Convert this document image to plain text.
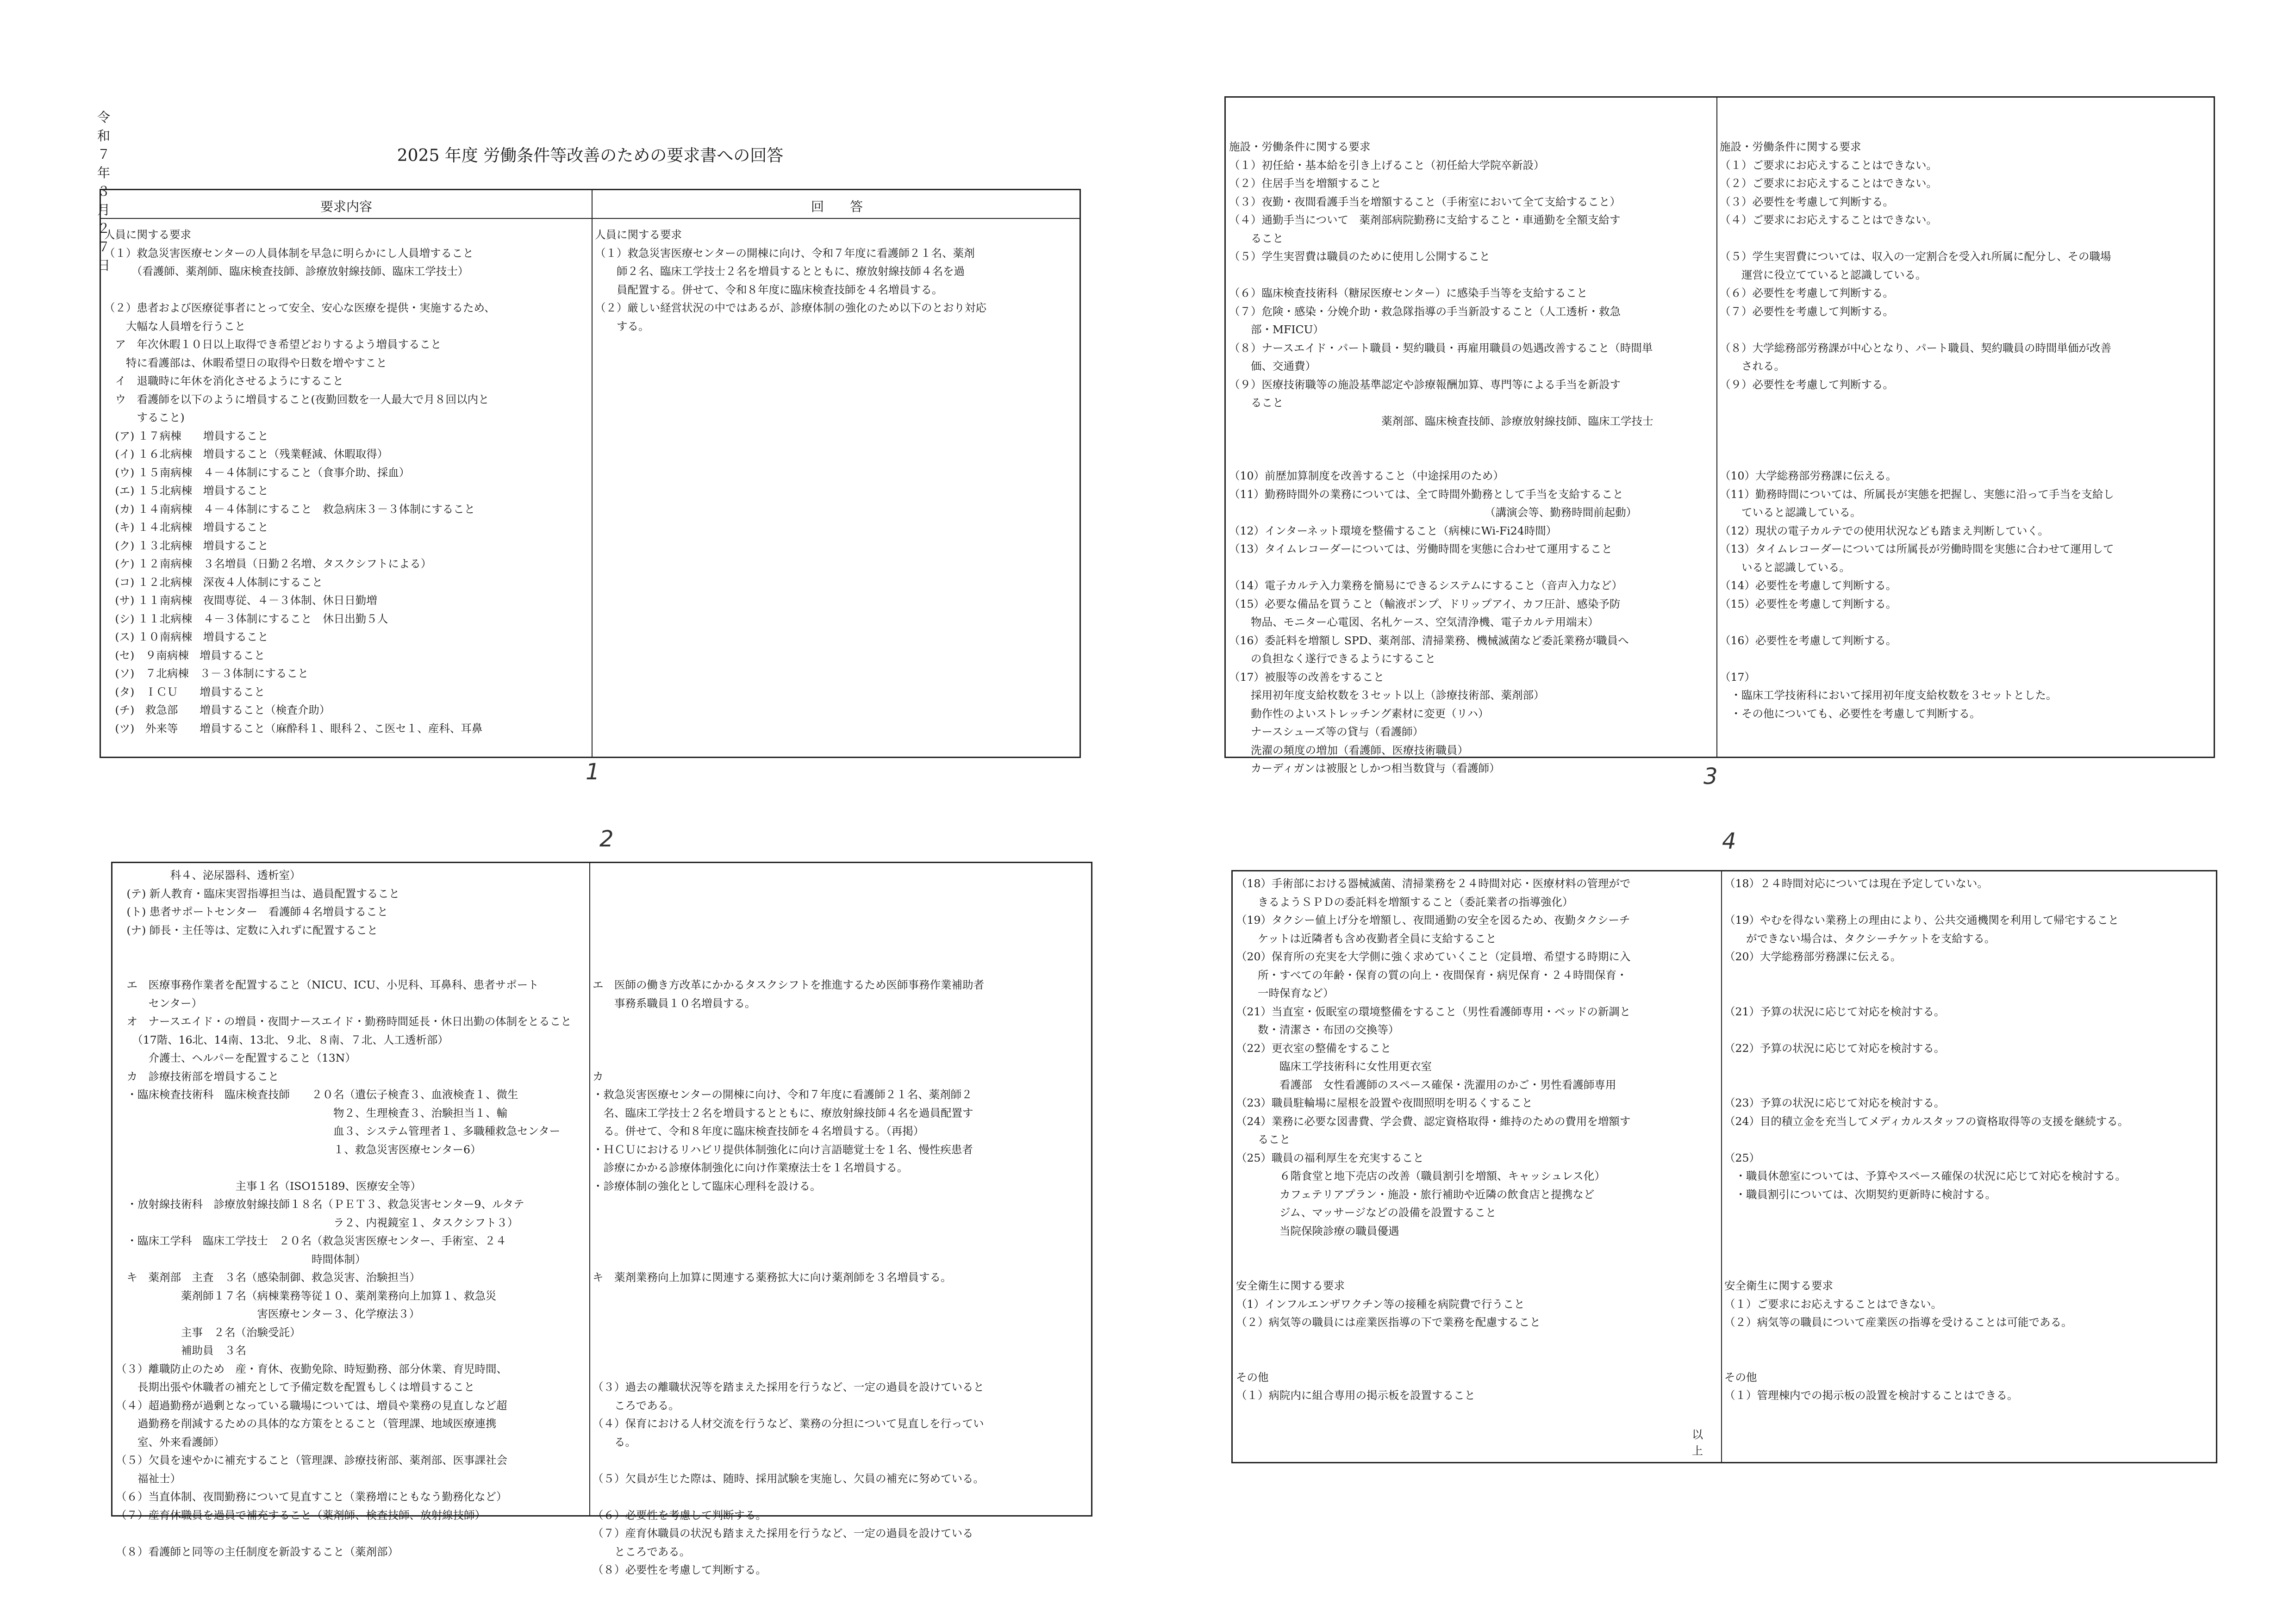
令和７年３月２７日
2025 年度 労働条件等改善のための要求書への回答
要求内容	回　　答
人員に関する要求
（１）救急災害医療センターの人員体制を早急に明らかにし人員増すること
　　　（看護師、薬剤師、臨床検査技師、診療放射線技師、臨床工学技士）
（２）患者および医療従事者にとって安全、安心な医療を提供・実施するため、
　　大幅な人員増を行うこと
　ア　年次休暇１０日以上取得でき希望どおりするよう増員すること
　　特に看護部は、休暇希望日の取得や日数を増やすこと
　イ　退職時に年休を消化させるようにすること
　ウ　看護師を以下のように増員すること(夜勤回数を一人最大で月８回以内と
　　　すること)
　(ア) １７病棟　　増員すること
　(イ) １６北病棟　増員すること（残業軽減、休暇取得）
　(ウ) １５南病棟　４－４体制にすること（食事介助、採血）
　(エ) １５北病棟　増員すること
　(カ) １４南病棟　４－４体制にすること　救急病床３－３体制にすること
　(キ) １４北病棟　増員すること
　(ク) １３北病棟　増員すること
　(ケ) １２南病棟　３名増員（日勤２名増、タスクシフトによる）
　(コ) １２北病棟　深夜４人体制にすること
　(サ) １１南病棟　夜間専従、４－３体制、休日日勤増
　(シ) １１北病棟　４－３体制にすること　休日出勤５人
　(ス) １０南病棟　増員すること
　(セ)　９南病棟　増員すること
　(ソ)　７北病棟　３－３体制にすること
　(タ)　ＩＣＵ　　増員すること
　(チ)　救急部　　増員すること（検査介助）
　(ツ)　外来等　　増員すること（麻酔科１、眼科２、こ医セ１、産科、耳鼻
人員に関する要求
（１）救急災害医療センターの開棟に向け、令和７年度に看護師２１名、薬剤
　　師２名、臨床工学技士２名を増員するとともに、療放射線技師４名を過
　　員配置する。併せて、令和８年度に臨床検査技師を４名増員する。
（２）厳しい経営状況の中ではあるが、診療体制の強化のため以下のとおり対応
　　する。
1
2
　　　　　科４、泌尿器科、透析室）
　(テ) 新人教育・臨床実習指導担当は、過員配置すること
　(ト) 患者サポートセンター　看護師４名増員すること
　(ナ) 師長・主任等は、定数に入れずに配置すること
　エ　医療事務作業者を配置すること（NICU、ICU、小児科、耳鼻科、患者サポート
　　　センター）
　オ　ナースエイド・の増員・夜間ナースエイド・勤務時間延長・休日出勤の体制をとること
　　（17階、16北、14南、13北、９北、８南、７北、人工透析部）
　　　介護士、ヘルパーを配置すること（13N）
　カ　診療技術部を増員すること
　・臨床検査技術科　臨床検査技師　　２０名（遺伝子検査３、血液検査１、微生
　　　　　　　　　　　　　　　　　　　　物２、生理検査３、治験担当１、輸
　　　　　　　　　　　　　　　　　　　　血３、システム管理者１、多職種救急センター
　　　　　　　　　　　　　　　　　　　　１、救急災害医療センター6）
　　　　　　　　　　　主事１名（ISO15189、医療安全等）
　・放射線技術科　診療放射線技師１８名（ＰＥＴ３、救急災害センター9、ルタテ
　　　　　　　　　　　　　　　　　　　　ラ２、内視鏡室１、タスクシフト３）
　・臨床工学科　臨床工学技士　２０名（救急災害医療センター、手術室、２４
　　　　　　　　　　　　　　　　　　時間体制）
　キ　薬剤部　主査　３名（感染制御、救急災害、治験担当）
　　　　　　薬剤師１７名（病棟業務等従１０、薬剤業務向上加算１、救急災
　　　　　　　　　　　　　害医療センター３、化学療法３）
　　　　　　主事　２名（治験受託）
　　　　　　補助員　３名
（３）離職防止のため　産・育休、夜勤免除、時短勤務、部分休業、育児時間、
　　長期出張や休職者の補充として予備定数を配置もしくは増員すること
（４）超過勤務が過剰となっている職場については、増員や業務の見直しなど超
　　過勤務を削減するための具体的な方策をとること（管理課、地域医療連携
　　室、外来看護師）
（５）欠員を速やかに補充すること（管理課、診療技術部、薬剤部、医事課社会
　　福祉士）
（６）当直体制、夜間勤務について見直すこと（業務増にともなう勤務化など）
（７）産育休職員を過員で補充すること（薬剤師、検査技師、放射線技師）
（８）看護師と同等の主任制度を新設すること（薬剤部）
エ　医師の働き方改革にかかるタスクシフトを推進するため医師事務作業補助者
　　事務系職員１０名増員する。
カ
・救急災害医療センターの開棟に向け、令和７年度に看護師２１名、薬剤師２
　名、臨床工学技士２名を増員するとともに、療放射線技師４名を過員配置す
　る。併せて、令和８年度に臨床検査技師を４名増員する。（再掲）
・ＨＣＵにおけるリハビリ提供体制強化に向け言語聴覚士を１名、慢性疾患者
　診療にかかる診療体制強化に向け作業療法士を１名増員する。
・診療体制の強化として臨床心理科を設ける。
キ　薬剤業務向上加算に関連する薬務拡大に向け薬剤師を３名増員する。
（３）過去の離職状況等を踏まえた採用を行うなど、一定の過員を設けていると
　　ころである。
（４）保育における人材交流を行うなど、業務の分担について見直しを行ってい
　　る。
（５）欠員が生じた際は、随時、採用試験を実施し、欠員の補充に努めている。
（６）必要性を考慮して判断する。
（７）産育休職員の状況も踏まえた採用を行うなど、一定の過員を設けている
　　ところである。
（８）必要性を考慮して判断する。
施設・労働条件に関する要求
（１）初任給・基本給を引き上げること（初任給大学院卒新設）
（２）住居手当を増額すること
（３）夜勤・夜間看護手当を増額すること（手術室において全て支給すること）
（４）通勤手当について　薬剤部病院勤務に支給すること・車通勤を全額支給す
　　ること
（５）学生実習費は職員のために使用し公開すること
（６）臨床検査技術科（糖尿医療センター）に感染手当等を支給すること
（７）危険・感染・分娩介助・救急隊指導の手当新設すること（人工透析・救急
　　部・MFICU）
（８）ナースエイド・パート職員・契約職員・再雇用職員の処遇改善すること（時間単
　　価、交通費）
（９）医療技術職等の施設基準認定や診療報酬加算、専門等による手当を新設す
　　ること
　　　　　　　　　　　　　　薬剤部、臨床検査技師、診療放射線技師、臨床工学技士
（10）前歴加算制度を改善すること（中途採用のため）
（11）勤務時間外の業務については、全て時間外勤務として手当を支給すること
　　　　　　　　　　　　　　　　　　　　　　　　（講演会等、勤務時間前起動）
（12）インターネット環境を整備すること（病棟にWi-Fi24時間）
（13）タイムレコーダーについては、労働時間を実態に合わせて運用すること
（14）電子カルテ入力業務を簡易にできるシステムにすること（音声入力など）
（15）必要な備品を買うこと（輸液ポンプ、ドリップアイ、カフ圧計、感染予防
　　物品、モニター心電図、名札ケース、空気清浄機、電子カルテ用端末）
（16）委託料を増額し SPD、薬剤部、清掃業務、機械滅菌など委託業務が職員へ
　　の負担なく遂行できるようにすること
（17）被服等の改善をすること
　　採用初年度支給枚数を３セット以上（診療技術部、薬剤部）
　　動作性のよいストレッチング素材に変更（リハ）
　　ナースシューズ等の貸与（看護師）
　　洗濯の頻度の増加（看護師、医療技術職員）
　　カーディガンは被服としかつ相当数貸与（看護師）
施設・労働条件に関する要求
（１）ご要求にお応えすることはできない。
（２）ご要求にお応えすることはできない。
（３）必要性を考慮して判断する。
（４）ご要求にお応えすることはできない。
（５）学生実習費については、収入の一定割合を受入れ所属に配分し、その職場
　　運営に役立てていると認識している。
（６）必要性を考慮して判断する。
（７）必要性を考慮して判断する。
（８）大学総務部労務課が中心となり、パート職員、契約職員の時間単価が改善
　　される。
（９）必要性を考慮して判断する。
（10）大学総務部労務課に伝える。
（11）勤務時間については、所属長が実態を把握し、実態に沿って手当を支給し
　　ていると認識している。
（12）現状の電子カルテでの使用状況なども踏まえ判断していく。
（13）タイムレコーダーについては所属長が労働時間を実態に合わせて運用して
　　いると認識している。
（14）必要性を考慮して判断する。
（15）必要性を考慮して判断する。
（16）必要性を考慮して判断する。
（17）
　・臨床工学技術科において採用初年度支給枚数を３セットとした。
　・その他についても、必要性を考慮して判断する。
3
4
（18）手術部における器械滅菌、清掃業務を２４時間対応・医療材料の管理がで
　　きるようＳＰＤの委託料を増額すること（委託業者の指導強化）
（19）タクシー値上げ分を増額し、夜間通勤の安全を図るため、夜勤タクシーチ
　　ケットは近隣者も含め夜勤者全員に支給すること
（20）保育所の充実を大学側に強く求めていくこと（定員増、希望する時期に入
　　所・すべての年齢・保育の質の向上・夜間保育・病児保育・２４時間保育・
　　一時保育など）
（21）当直室・仮眠室の環境整備をすること（男性看護師専用・ベッドの新調と
　　数・清潔さ・布団の交換等）
（22）更衣室の整備をすること
　　　　臨床工学技術科に女性用更衣室
　　　　看護部　女性看護師のスペース確保・洗濯用のかご・男性看護師専用
（23）職員駐輪場に屋根を設置や夜間照明を明るくすること
（24）業務に必要な図書費、学会費、認定資格取得・維持のための費用を増額す
　　ること
（25）職員の福利厚生を充実すること
　　　　６階食堂と地下売店の改善（職員割引を増額、キャッシュレス化）
　　　　カフェテリアプラン・施設・旅行補助や近隣の飲食店と提携など
　　　　ジム、マッサージなどの設備を設置すること
　　　　当院保険診療の職員優遇
安全衛生に関する要求
（1）インフルエンザワクチン等の接種を病院費で行うこと
（２）病気等の職員には産業医指導の下で業務を配慮すること
その他
（１）病院内に組合専用の掲示板を設置すること
（18）２４時間対応については現在予定していない。
（19）やむを得ない業務上の理由により、公共交通機関を利用して帰宅すること
　　ができない場合は、タクシーチケットを支給する。
（20）大学総務部労務課に伝える。
（21）予算の状況に応じて対応を検討する。
（22）予算の状況に応じて対応を検討する。
（23）予算の状況に応じて対応を検討する。
（24）目的積立金を充当してメディカルスタッフの資格取得等の支援を継続する。
（25）
　・職員休憩室については、予算やスペース確保の状況に応じて対応を検討する。
　・職員割引については、次期契約更新時に検討する。
安全衛生に関する要求
（１）ご要求にお応えすることはできない。
（２）病気等の職員について産業医の指導を受けることは可能である。
その他
（１）管理棟内での掲示板の設置を検討することはできる。
以上
